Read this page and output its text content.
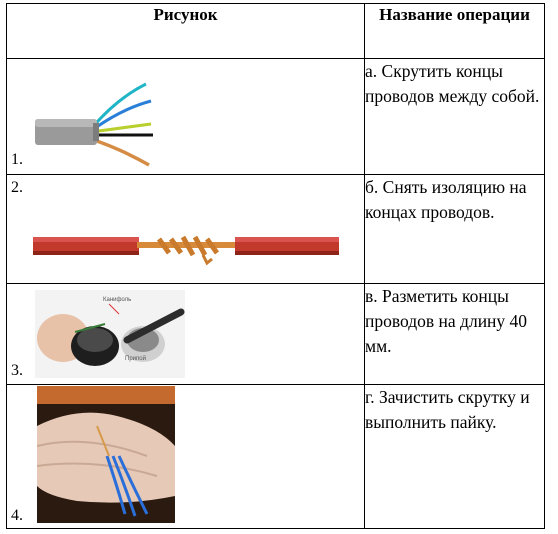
Рисунок	Название операции

1.	а. Скрутить концы проводов между собой.

2.	б. Снять изоляцию на концах проводов.

Канифоль
Припой
3.	в. Разметить концы проводов на длину 40 мм.

4.	г. Зачистить скрутку и выполнить пайку.
